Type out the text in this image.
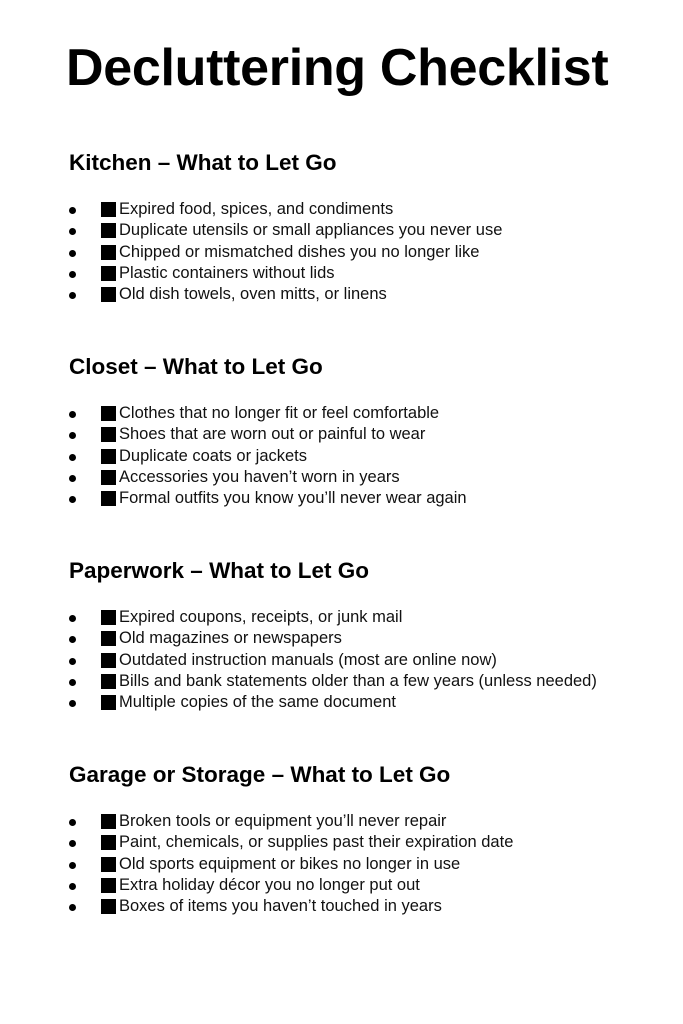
Decluttering Checklist
Kitchen – What to Let Go
Expired food, spices, and condiments
Duplicate utensils or small appliances you never use
Chipped or mismatched dishes you no longer like
Plastic containers without lids
Old dish towels, oven mitts, or linens
Closet – What to Let Go
Clothes that no longer fit or feel comfortable
Shoes that are worn out or painful to wear
Duplicate coats or jackets
Accessories you haven’t worn in years
Formal outfits you know you’ll never wear again
Paperwork – What to Let Go
Expired coupons, receipts, or junk mail
Old magazines or newspapers
Outdated instruction manuals (most are online now)
Bills and bank statements older than a few years (unless needed)
Multiple copies of the same document
Garage or Storage – What to Let Go
Broken tools or equipment you’ll never repair
Paint, chemicals, or supplies past their expiration date
Old sports equipment or bikes no longer in use
Extra holiday décor you no longer put out
Boxes of items you haven’t touched in years
